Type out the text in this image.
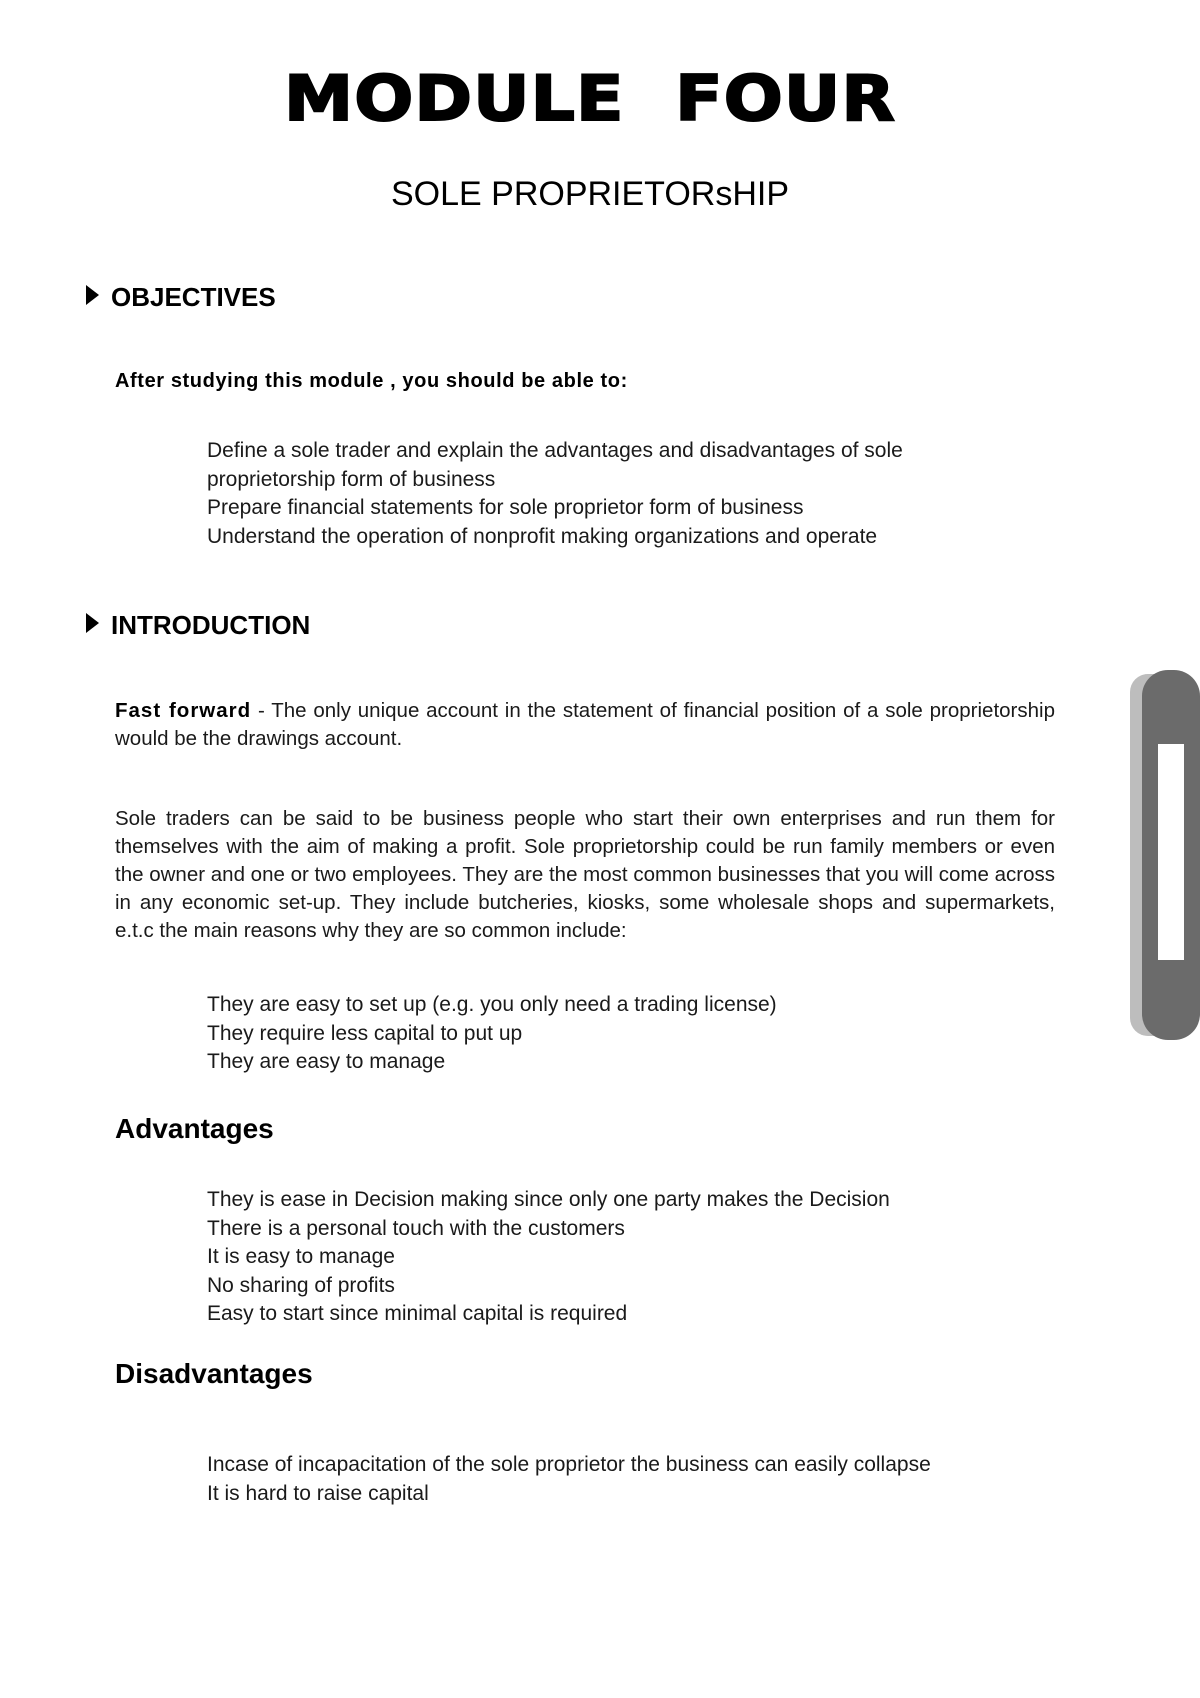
MODULE  FOUR
SOLE PROPRIETORsHIP
OBJECTIVES
After studying this module , you should be able to:
Define a sole trader and explain the advantages and disadvantages of sole
proprietorship form of business
Prepare financial statements for sole proprietor form of business
Understand the operation of nonprofit making organizations and operate
INTRODUCTION

Fast forward - The only unique account in the statement of financial position of a sole proprietorship would be the drawings account.

Sole traders can be said to be business people who start their own enterprises and run them for themselves with the aim of making a profit. Sole proprietorship could be run family members or even the owner and one or two employees. They are the most common businesses that you will come across in any economic set-up. They include butcheries, kiosks, some wholesale shops and supermarkets, e.t.c the main reasons why they are so common include:

They are easy to set up (e.g. you only need a trading license)
They require less capital to put up
They are easy to manage
Advantages
They is ease in Decision making since only one party makes the Decision
There is a personal touch with the customers
It is easy to manage
No sharing of profits
Easy to start since minimal capital is required
Disadvantages
Incase of incapacitation of the sole proprietor the business can easily collapse
It is hard to raise capital
